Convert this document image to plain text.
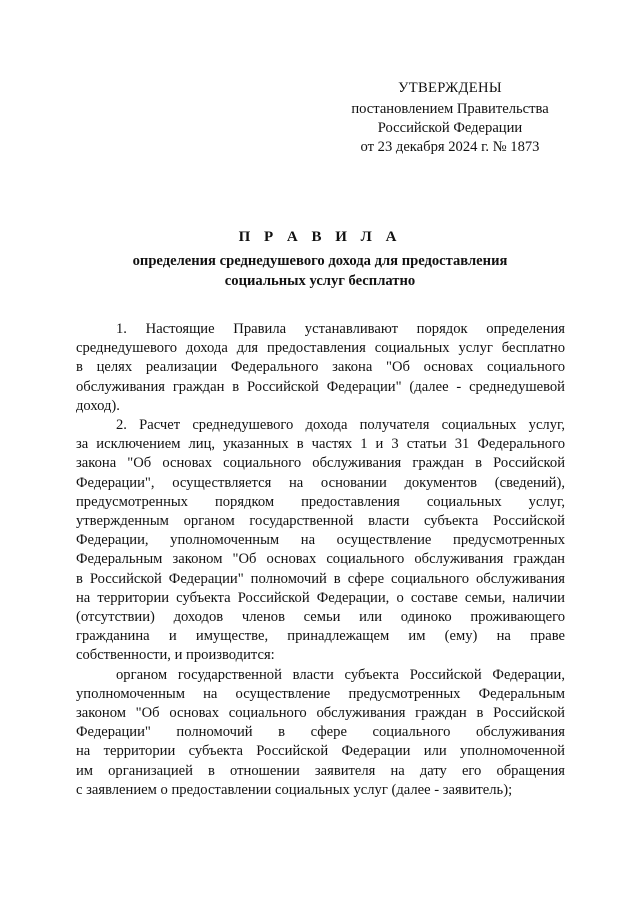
УТВЕРЖДЕНЫ
постановлением Правительства
Российской Федерации
от 23 декабря 2024 г. № 1873
П Р А В И Л А
определения среднедушевого дохода для предоставления
социальных услуг бесплатно
1. Настоящие Правила устанавливают порядок определения
среднедушевого дохода для предоставления социальных услуг бесплатно
в целях реализации Федерального закона "Об основах социального
обслуживания граждан в Российской Федерации" (далее - среднедушевой
доход).
2. Расчет среднедушевого дохода получателя социальных услуг,
за исключением лиц, указанных в частях 1 и 3 статьи 31 Федерального
закона "Об основах социального обслуживания граждан в Российской
Федерации", осуществляется на основании документов (сведений),
предусмотренных порядком предоставления социальных услуг,
утвержденным органом государственной власти субъекта Российской
Федерации, уполномоченным на осуществление предусмотренных
Федеральным законом "Об основах социального обслуживания граждан
в Российской Федерации" полномочий в сфере социального обслуживания
на территории субъекта Российской Федерации, о составе семьи, наличии
(отсутствии) доходов членов семьи или одиноко проживающего
гражданина и имуществе, принадлежащем им (ему) на праве
собственности, и производится:
органом государственной власти субъекта Российской Федерации,
уполномоченным на осуществление предусмотренных Федеральным
законом "Об основах социального обслуживания граждан в Российской
Федерации" полномочий в сфере социального обслуживания
на территории субъекта Российской Федерации или уполномоченной
им организацией в отношении заявителя на дату его обращения
с заявлением о предоставлении социальных услуг (далее - заявитель);
